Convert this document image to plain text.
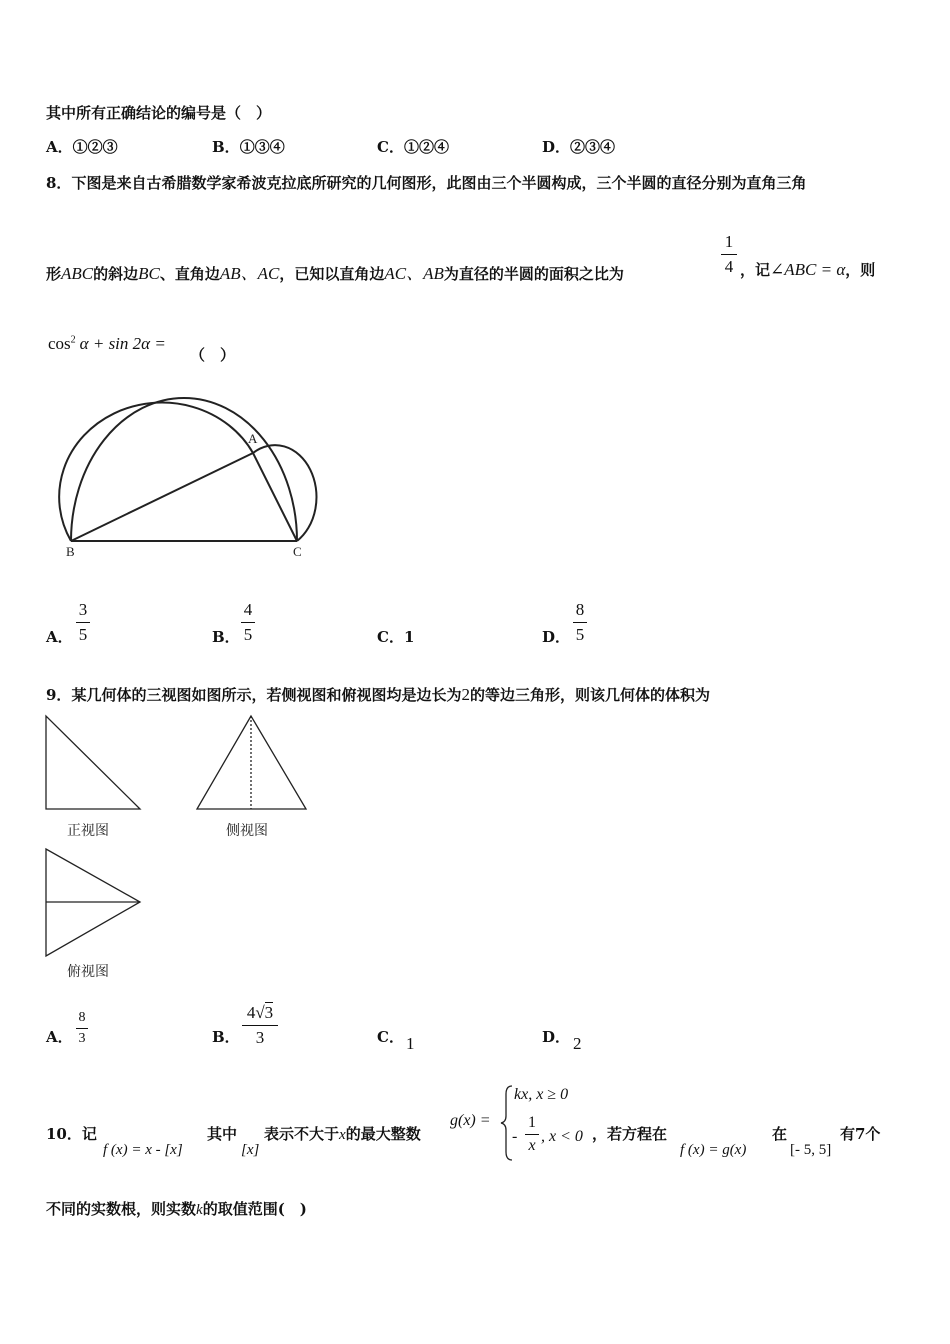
其中所有正确结论的编号是（　）
A．①②③	B．①③④	C．①②④	D．②③④
8．下图是来自古希腊数学家希波克拉底所研究的几何图形，此图由三个半圆构成，三个半圆的直径分别为直角三角
形ABC的斜边BC、直角边AB、AC，已知以直角边AC、AB为直径的半圆的面积之比为
1
4 ，记∠ABC = α，则
$\cos^2 \alpha + \sin 2\alpha$ =
（　）
A
B	C
A．
3
5	B．
4
5	C．1	D．
8
5
9．某几何体的三视图如图所示，若侧视图和俯视图均是边长为2的等边三角形，则该几何体的体积为
正视图	侧视图
俯视图
A．
8
3	B．
4√3
3	C． 1	D． 2
10．记
f (x) = x - [x]
其中
[x]
表示不大于x的最大整数
g(x) =
kx, x ≥ 0
-
1
x
, x < 0 ，若方程在
f (x) = g(x)
在
[- 5, 5]
有7个
不同的实数根，则实数k的取值范围(　)
